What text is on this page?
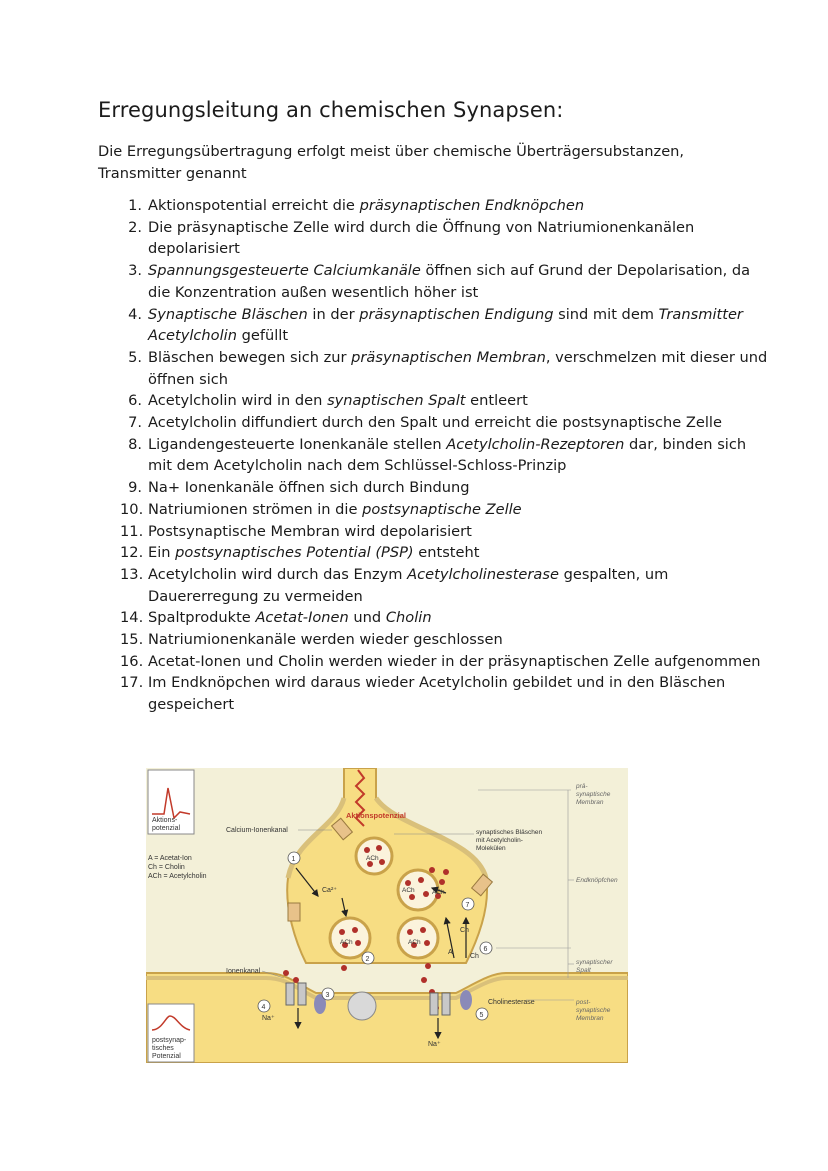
Erregungsleitung an chemischen Synapsen:

Die Erregungsübertragung erfolgt meist über chemische Überträgersubstanzen,
Transmitter genannt

1. Aktionspotential erreicht die präsynaptischen Endknöpchen
2. Die präsynaptische Zelle wird durch die Öffnung von Natriumionenkanälen depolarisiert
3. Spannungsgesteuerte Calciumkanäle öffnen sich auf Grund der Depolarisation, da die Konzentration außen wesentlich höher ist
4. Synaptische Bläschen in der präsynaptischen Endigung sind mit dem Transmitter Acetylcholin gefüllt
5. Bläschen bewegen sich zur präsynaptischen Membran, verschmelzen mit dieser und öffnen sich
6. Acetylcholin wird in den synaptischen Spalt entleert
7. Acetylcholin diffundiert durch den Spalt und erreicht die postsynaptische Zelle
8. Ligandengesteuerte Ionenkanäle stellen Acetylcholin-Rezeptoren dar, binden sich mit dem Acetylcholin nach dem Schlüssel-Schloss-Prinzip
9. Na+ Ionenkanäle öffnen sich durch Bindung
10. Natriumionen strömen in die postsynaptische Zelle
11. Postsynaptische Membran wird depolarisiert
12. Ein postsynaptisches Potential (PSP) entsteht
13. Acetylcholin wird durch das Enzym Acetylcholinesterase gespalten, um Dauererregung zu vermeiden
14. Spaltprodukte Acetat-Ionen und Cholin
15. Natriumionenkanäle werden wieder geschlossen
16. Acetat-Ionen und Cholin werden wieder in der präsynaptischen Zelle aufgenommen
17. Im Endknöpchen wird daraus wieder Acetylcholin gebildet und in den Bläschen gespeichert
Aktions-
potenzial
postsynap-
tisches
Potenzial
Aktionspotenzial
Calcium-Ionenkanal
A = Acetat-Ion
Ch = Cholin
ACh = Acetylcholin
Ca²⁺
ACh
ACh	ACh
ACh	ACh
A
Ch
Ch
Na⁺
Na⁺
Ionenkanal
Cholinesterase
synaptisches Bläschen
mit Acetylcholin-
Molekülen
prä-
synaptische
Membran
Endknöpfchen
synaptischer
Spalt
post-
synaptische
Membran
1
2
3
4
5
6
7
